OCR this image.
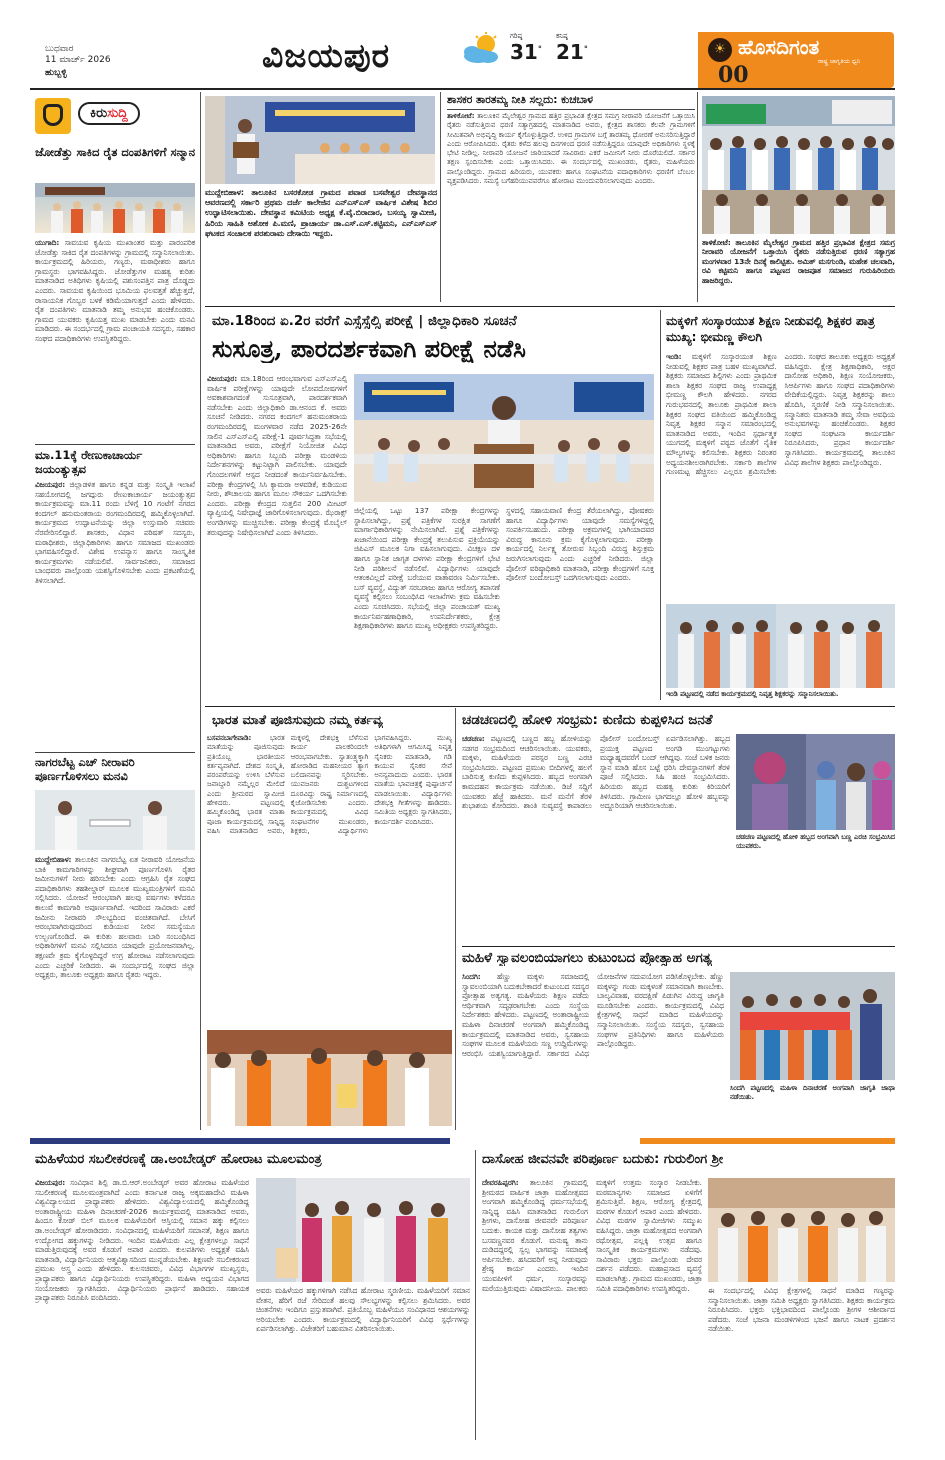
ಬುಧವಾರ
11 ಮಾರ್ಚ್ 2026
ಹುಬ್ಬಳ್ಳಿ	ವಿಜಯಪುರ	ಗರಿಷ್ಠ
31°
ಕನಿಷ್ಠ
21°	☀ ಹೊಸದಿಗಂತ
ರಾಷ್ಟ್ರ ಜಾಗೃತಿಯ ಧ್ವನಿ
00
ಕಿರುಸುದ್ದಿ
ಜೋಡೆತ್ತು ಸಾಕಿದ ರೈತ ದಂಪತಿಗಳಿಗೆ ಸನ್ಮಾನ
ಯುಗಾದಿ: ಸಾವಯವ ಕೃಷಿಯ ಮುಖಾಂತರ ಮತ್ತು ಪಾರಂಪರಿಕ ಜೋಡೆತ್ತು ಸಾಕಿದ ರೈತ ದಂಪತಿಗಳನ್ನು ಗ್ರಾಮದಲ್ಲಿ ಸನ್ಮಾನಿಸಲಾಯಿತು. ಕಾರ್ಯಕ್ರಮದಲ್ಲಿ ಹಿರಿಯರು, ಗಣ್ಯರು, ಮಠಾಧೀಶರು ಹಾಗೂ ಗ್ರಾಮಸ್ಥರು ಭಾಗವಹಿಸಿದ್ದರು. ಜೋಡೆತ್ತುಗಳ ಮಹತ್ವ ಕುರಿತು ಮಾತನಾಡಿದ ಅತಿಥಿಗಳು ಕೃಷಿಯಲ್ಲಿ ಪಶುಸಂಪತ್ತಿನ ಪಾತ್ರ ದೊಡ್ಡದು ಎಂದರು. ಸಾವಯವ ಕೃಷಿಯಿಂದ ಭೂಮಿಯ ಫಲವತ್ತತೆ ಹೆಚ್ಚುತ್ತದೆ, ರಾಸಾಯನಿಕ ಗೊಬ್ಬರ ಬಳಕೆ ಕಡಿಮೆಯಾಗುತ್ತದೆ ಎಂದು ಹೇಳಿದರು. ರೈತ ದಂಪತಿಗಳು ಮಾತನಾಡಿ ತಮ್ಮ ಅನುಭವ ಹಂಚಿಕೊಂಡರು. ಗ್ರಾಮದ ಯುವಕರು ಕೃಷಿಯತ್ತ ಮುಖ ಮಾಡಬೇಕು ಎಂದು ಮನವಿ ಮಾಡಿದರು. ಈ ಸಂದರ್ಭದಲ್ಲಿ ಗ್ರಾಮ ಪಂಚಾಯತಿ ಸದಸ್ಯರು, ಸಹಕಾರ ಸಂಘದ ಪದಾಧಿಕಾರಿಗಳು ಉಪಸ್ಥಿತರಿದ್ದರು.
ಮಾ.11ಕ್ಕೆ ರೇಣುಕಾಚಾರ್ಯ ಜಯಂತ್ಯುತ್ಸವ
ವಿಜಯಪುರ: ಜಿಲ್ಲಾಡಳಿತ ಹಾಗೂ ಕನ್ನಡ ಮತ್ತು ಸಂಸ್ಕೃತಿ ಇಲಾಖೆ ಸಹಯೋಗದಲ್ಲಿ ಜಗದ್ಗುರು ರೇಣುಕಾಚಾರ್ಯ ಜಯಂತ್ಯುತ್ಸವ ಕಾರ್ಯಕ್ರಮವನ್ನು ಮಾ.11 ರಂದು ಬೆಳಿಗ್ಗೆ 10 ಗಂಟೆಗೆ ನಗರದ ಕಂದಗಲ್ ಹನುಮಂತರಾಯ ರಂಗಮಂದಿರದಲ್ಲಿ ಹಮ್ಮಿಕೊಳ್ಳಲಾಗಿದೆ. ಕಾರ್ಯಕ್ರಮದ ಉದ್ಘಾಟನೆಯನ್ನು ಜಿಲ್ಲಾ ಉಸ್ತುವಾರಿ ಸಚಿವರು ನೆರವೇರಿಸಲಿದ್ದಾರೆ. ಶಾಸಕರು, ವಿಧಾನ ಪರಿಷತ್ ಸದಸ್ಯರು, ಮಠಾಧೀಶರು, ಜಿಲ್ಲಾಧಿಕಾರಿಗಳು ಹಾಗೂ ಸಮಾಜದ ಮುಖಂಡರು ಭಾಗವಹಿಸಲಿದ್ದಾರೆ. ವಿಶೇಷ ಉಪನ್ಯಾಸ ಹಾಗೂ ಸಾಂಸ್ಕೃತಿಕ ಕಾರ್ಯಕ್ರಮಗಳು ನಡೆಯಲಿವೆ. ಸಾರ್ವಜನಿಕರು, ಸಮಾಜದ ಬಾಂಧವರು ಪಾಲ್ಗೊಂಡು ಯಶಸ್ವಿಗೊಳಿಸಬೇಕು ಎಂದು ಪ್ರಕಟಣೆಯಲ್ಲಿ ತಿಳಿಸಲಾಗಿದೆ.
ನಾಗರಬೆಟ್ಟ ಎಚ್ ನೀರಾವರಿ ಪೂರ್ಣಗೊಳಿಸಲು ಮನವಿ
ಮುದ್ದೇಬಿಹಾಳ: ತಾಲೂಕಿನ ನಾಗರಬೆಟ್ಟ ಏತ ನೀರಾವರಿ ಯೋಜನೆಯ ಬಾಕಿ ಕಾಮಗಾರಿಗಳನ್ನು ಶೀಘ್ರವಾಗಿ ಪೂರ್ಣಗೊಳಿಸಿ ರೈತರ ಜಮೀನುಗಳಿಗೆ ನೀರು ಹರಿಸಬೇಕು ಎಂದು ಆಗ್ರಹಿಸಿ ರೈತ ಸಂಘದ ಪದಾಧಿಕಾರಿಗಳು ತಹಶೀಲ್ದಾರ್ ಮೂಲಕ ಮುಖ್ಯಮಂತ್ರಿಗಳಿಗೆ ಮನವಿ ಸಲ್ಲಿಸಿದರು. ಯೋಜನೆ ಆರಂಭವಾಗಿ ಹಲವು ವರ್ಷಗಳು ಕಳೆದರೂ ಕಾಲುವೆ ಕಾಮಗಾರಿ ಅಪೂರ್ಣವಾಗಿದೆ. ಇದರಿಂದ ಸಾವಿರಾರು ಎಕರೆ ಜಮೀನು ನೀರಾವರಿ ಸೌಲಭ್ಯದಿಂದ ವಂಚಿತವಾಗಿದೆ. ಬೇಸಿಗೆ ಆರಂಭವಾಗಿರುವುದರಿಂದ ಕುಡಿಯುವ ನೀರಿನ ಸಮಸ್ಯೆಯೂ ಉಲ್ಬಣಗೊಂಡಿದೆ. ಈ ಕುರಿತು ಹಲವಾರು ಬಾರಿ ಸಂಬಂಧಿಸಿದ ಅಧಿಕಾರಿಗಳಿಗೆ ಮನವಿ ಸಲ್ಲಿಸಿದರೂ ಯಾವುದೇ ಪ್ರಯೋಜನವಾಗಿಲ್ಲ. ತಕ್ಷಣವೇ ಕ್ರಮ ಕೈಗೊಳ್ಳದಿದ್ದರೆ ಉಗ್ರ ಹೋರಾಟ ನಡೆಸಲಾಗುವುದು ಎಂದು ಎಚ್ಚರಿಕೆ ನೀಡಿದರು. ಈ ಸಂದರ್ಭದಲ್ಲಿ ಸಂಘದ ಜಿಲ್ಲಾ ಅಧ್ಯಕ್ಷರು, ತಾಲೂಕು ಅಧ್ಯಕ್ಷರು ಹಾಗೂ ರೈತರು ಇದ್ದರು.
ಮುದ್ದೇಬಿಹಾಳ: ತಾಲೂಕಿನ ಬಸರಕೋಡ ಗ್ರಾಮದ ಪವಾಡ ಬಸವೇಶ್ವರ ದೇವಸ್ಥಾನದ ಆವರಣದಲ್ಲಿ ಸರ್ಕಾರಿ ಪ್ರಥಮ ದರ್ಜೆ ಕಾಲೇಜಿನ ಎನ್ಎಸ್ಎಸ್ ವಾರ್ಷಿಕ ವಿಶೇಷ ಶಿಬಿರ ಉದ್ಘಾಟಿಸಲಾಯಿತು. ದೇವಸ್ಥಾನ ಕಮಿಟಿಯ ಅಧ್ಯಕ್ಷ ಕೆ.ವೈ.ಬಿರಾದಾರ, ಬಸಯ್ಯ ಸ್ವಾಮೀಜಿ, ಹಿರಿಯ ಸಾಹಿತಿ ಅಶೋಕ ಪಿ.ಮಣಿ, ಪ್ರಾಚಾರ್ಯ ಡಾ.ಎಸ್.ಎಸ್.ಕಟ್ಟಿಮನಿ, ಎನ್ಎಸ್ಎಸ್ ಘಟಕದ ಸಂಚಾಲಕ ಪರಶುರಾಮ ದೇಸಾಯಿ ಇದ್ದರು.
ಶಾಸಕರ ತಾರತಮ್ಯ ನೀತಿ ಸಲ್ಲದು: ಕುಚಬಾಳ
ತಾಳಿಕೋಟೆ: ತಾಲೂಕಿನ ಮೈಲೇಶ್ವರ ಗ್ರಾಮದ ಹತ್ತಿರ ಪ್ರಭಾವಿತ ಕ್ಷೇತ್ರದ ಸಮಗ್ರ ನೀರಾವರಿ ಯೋಜನೆಗೆ ಒತ್ತಾಯಿಸಿ ರೈತರು ನಡೆಸುತ್ತಿರುವ ಧರಣಿ ಸತ್ಯಾಗ್ರಹದಲ್ಲಿ ಮಾತನಾಡಿದ ಅವರು, ಕ್ಷೇತ್ರದ ಶಾಸಕರು ಕೆಲವೇ ಗ್ರಾಮಗಳಿಗೆ ಸೀಮಿತವಾಗಿ ಅಭಿವೃದ್ಧಿ ಕಾರ್ಯ ಕೈಗೊಳ್ಳುತ್ತಿದ್ದಾರೆ. ಉಳಿದ ಗ್ರಾಮಗಳ ಬಗ್ಗೆ ತಾರತಮ್ಯ ಧೋರಣೆ ಅನುಸರಿಸುತ್ತಿದ್ದಾರೆ ಎಂದು ಆರೋಪಿಸಿದರು. ರೈತರು ಕಳೆದ ಹಲವು ದಿನಗಳಿಂದ ಧರಣಿ ನಡೆಸುತ್ತಿದ್ದರೂ ಯಾವುದೇ ಅಧಿಕಾರಿಗಳು ಸ್ಥಳಕ್ಕೆ ಭೇಟಿ ನೀಡಿಲ್ಲ. ನೀರಾವರಿ ಯೋಜನೆ ಜಾರಿಯಾದರೆ ಸಾವಿರಾರು ಎಕರೆ ಜಮೀನಿಗೆ ನೀರು ದೊರೆಯಲಿದೆ. ಸರ್ಕಾರ ತಕ್ಷಣ ಸ್ಪಂದಿಸಬೇಕು ಎಂದು ಒತ್ತಾಯಿಸಿದರು. ಈ ಸಂದರ್ಭದಲ್ಲಿ ಮುಖಂಡರು, ರೈತರು, ಮಹಿಳೆಯರು ಪಾಲ್ಗೊಂಡಿದ್ದರು. ಗ್ರಾಮದ ಹಿರಿಯರು, ಯುವಕರು ಹಾಗೂ ಸಂಘಟನೆಯ ಪದಾಧಿಕಾರಿಗಳು ಧರಣಿಗೆ ಬೆಂಬಲ ವ್ಯಕ್ತಪಡಿಸಿದರು. ಸಮಸ್ಯೆ ಬಗೆಹರಿಯುವವರೆಗೂ ಹೋರಾಟ ಮುಂದುವರಿಸಲಾಗುವುದು ಎಂದರು.
ತಾಳಿಕೋಟೆ: ತಾಲೂಕಿನ ಮೈಲೇಶ್ವರ ಗ್ರಾಮದ ಹತ್ತಿರ ಪ್ರಭಾವಿತ ಕ್ಷೇತ್ರದ ಸಮಗ್ರ ನೀರಾವರಿ ಯೋಜನೆಗೆ ಒತ್ತಾಯಿಸಿ ರೈತರು ನಡೆಸುತ್ತಿರುವ ಧರಣಿ ಸತ್ಯಾಗ್ರಹ ಮಂಗಳವಾರ 13ನೇ ದಿನಕ್ಕೆ ಕಾಲಿಟ್ಟಿತು. ಅಮಿತ್ ಮಸಗುಂಡಿ, ಮಹೇಶ ಚಲವಾದಿ, ರವಿ ಕಟ್ಟಿಮನಿ ಹಾಗೂ ಪಟ್ಟಣದ ರಾಜಪೂತ ಸಮಾಜದ ಗುರುಹಿರಿಯರು ಹಾಜರಿದ್ದರು.
ಮಾ.18ರಿಂದ ಏ.2ರ ವರೆಗೆ ಎಸ್ಸೆಸ್ಸೆಲ್ಸಿ ಪರೀಕ್ಷೆ | ಜಿಲ್ಲಾಧಿಕಾರಿ ಸೂಚನೆ
ಸುಸೂತ್ರ, ಪಾರದರ್ಶಕವಾಗಿ ಪರೀಕ್ಷೆ ನಡೆಸಿ
ವಿಜಯಪುರ: ಮಾ.18ರಿಂದ ಆರಂಭವಾಗುವ ಎಸ್ಎಸ್ಎಲ್ಸಿ ವಾರ್ಷಿಕ ಪರೀಕ್ಷೆಗಳನ್ನು ಯಾವುದೇ ಲೋಪದೋಷಗಳಿಗೆ ಅವಕಾಶವಾಗದಂತೆ ಸುಸೂತ್ರವಾಗಿ, ಪಾರದರ್ಶಕವಾಗಿ ನಡೆಸಬೇಕು ಎಂದು ಜಿಲ್ಲಾಧಿಕಾರಿ ಡಾ.ಆನಂದ ಕೆ. ಅವರು ಸೂಚನೆ ನೀಡಿದರು. ನಗರದ ಕಂದಗಲ್ ಹನುಮಂತರಾಯ ರಂಗಮಂದಿರದಲ್ಲಿ ಮಂಗಳವಾರ ನಡೆದ 2025-26ನೇ ಸಾಲಿನ ಎಸ್ಎಸ್ಎಲ್ಸಿ ಪರೀಕ್ಷೆ-1 ಪೂರ್ವಸಿದ್ಧತಾ ಸಭೆಯಲ್ಲಿ ಮಾತನಾಡಿದ ಅವರು, ಪರೀಕ್ಷೆಗೆ ನಿಯೋಜಿತ ವಿವಿಧ ಅಧಿಕಾರಿಗಳು ಹಾಗೂ ಸಿಬ್ಬಂದಿ ಪರೀಕ್ಷಾ ಮಂಡಳಿಯ ನಿರ್ದೇಶನಗಳನ್ನು ಕಟ್ಟುನಿಟ್ಟಾಗಿ ಪಾಲಿಸಬೇಕು. ಯಾವುದೇ ಗೊಂದಲಗಳಿಗೆ ಆಸ್ಪದ ನೀಡದಂತೆ ಕಾರ್ಯನಿರ್ವಹಿಸಬೇಕು. ಪರೀಕ್ಷಾ ಕೇಂದ್ರಗಳಲ್ಲಿ ಸಿಸಿ ಕ್ಯಾಮರಾ ಅಳವಡಿಕೆ, ಕುಡಿಯುವ ನೀರು, ಶೌಚಾಲಯ ಹಾಗೂ ಮೂಲ ಸೌಕರ್ಯ ಒದಗಿಸಬೇಕು ಎಂದರು. ಪರೀಕ್ಷಾ ಕೇಂದ್ರದ ಸುತ್ತಲಿನ 200 ಮೀಟರ್ ವ್ಯಾಪ್ತಿಯಲ್ಲಿ ನಿಷೇಧಾಜ್ಞೆ ಜಾರಿಗೊಳಿಸಲಾಗುವುದು. ಝೆರಾಕ್ಸ್ ಅಂಗಡಿಗಳನ್ನು ಮುಚ್ಚಿಸಬೇಕು. ಪರೀಕ್ಷಾ ಕೇಂದ್ರಕ್ಕೆ ಮೊಬೈಲ್ ತರುವುದನ್ನು ನಿಷೇಧಿಸಲಾಗಿದೆ ಎಂದು ತಿಳಿಸಿದರು.
ಜಿಲ್ಲೆಯಲ್ಲಿ ಒಟ್ಟು 137 ಪರೀಕ್ಷಾ ಕೇಂದ್ರಗಳನ್ನು ಸ್ಥಾಪಿಸಲಾಗಿದ್ದು, ಪ್ರಶ್ನೆ ಪತ್ರಿಕೆಗಳ ಸುರಕ್ಷಿತ ಸಾಗಣೆಗೆ ಮಾರ್ಗಾಧಿಕಾರಿಗಳನ್ನು ನೇಮಿಸಲಾಗಿದೆ. ಪ್ರಶ್ನೆ ಪತ್ರಿಕೆಗಳನ್ನು ಖಜಾನೆಯಿಂದ ಪರೀಕ್ಷಾ ಕೇಂದ್ರಕ್ಕೆ ತಲುಪಿಸುವ ಪ್ರಕ್ರಿಯೆಯನ್ನು ಜಿಪಿಎಸ್ ಮೂಲಕ ನಿಗಾ ವಹಿಸಲಾಗುವುದು. ವಿಚಕ್ಷಣ ದಳ ಹಾಗೂ ಸ್ಥಾನಿಕ ಜಾಗೃತ ದಳಗಳು ಪರೀಕ್ಷಾ ಕೇಂದ್ರಗಳಿಗೆ ಭೇಟಿ ನೀಡಿ ಪರಿಶೀಲನೆ ನಡೆಸಲಿವೆ. ವಿದ್ಯಾರ್ಥಿಗಳು ಯಾವುದೇ ಆತಂಕವಿಲ್ಲದೆ ಪರೀಕ್ಷೆ ಬರೆಯುವ ವಾತಾವರಣ ನಿರ್ಮಿಸಬೇಕು. ಬಸ್ ವ್ಯವಸ್ಥೆ, ವಿದ್ಯುತ್ ಸರಬರಾಜು ಹಾಗೂ ಆರೋಗ್ಯ ತಪಾಸಣೆ ವ್ಯವಸ್ಥೆ ಕಲ್ಪಿಸಲು ಸಂಬಂಧಿಸಿದ ಇಲಾಖೆಗಳು ಕ್ರಮ ವಹಿಸಬೇಕು ಎಂದು ಸೂಚಿಸಿದರು. ಸಭೆಯಲ್ಲಿ ಜಿಲ್ಲಾ ಪಂಚಾಯತ್ ಮುಖ್ಯ ಕಾರ್ಯನಿರ್ವಹಣಾಧಿಕಾರಿ, ಉಪನಿರ್ದೇಶಕರು, ಕ್ಷೇತ್ರ ಶಿಕ್ಷಣಾಧಿಕಾರಿಗಳು ಹಾಗೂ ಮುಖ್ಯ ಅಧೀಕ್ಷಕರು ಉಪಸ್ಥಿತರಿದ್ದರು.
ಸ್ಥಳದಲ್ಲಿ ಸಹಾಯವಾಣಿ ಕೇಂದ್ರ ತೆರೆಯಲಾಗಿದ್ದು, ಪೋಷಕರು ಹಾಗೂ ವಿದ್ಯಾರ್ಥಿಗಳು ಯಾವುದೇ ಸಮಸ್ಯೆಗಳಿದ್ದಲ್ಲಿ ಸಂಪರ್ಕಿಸಬಹುದು. ಪರೀಕ್ಷಾ ಅಕ್ರಮಗಳಲ್ಲಿ ಭಾಗಿಯಾದವರ ವಿರುದ್ಧ ಕಾನೂನು ಕ್ರಮ ಕೈಗೊಳ್ಳಲಾಗುವುದು. ಪರೀಕ್ಷಾ ಕಾರ್ಯದಲ್ಲಿ ನಿರ್ಲಕ್ಷ್ಯ ತೋರುವ ಸಿಬ್ಬಂದಿ ವಿರುದ್ಧ ಶಿಸ್ತುಕ್ರಮ ಜರುಗಿಸಲಾಗುವುದು ಎಂದು ಎಚ್ಚರಿಕೆ ನೀಡಿದರು. ಜಿಲ್ಲಾ ಪೊಲೀಸ್ ವರಿಷ್ಠಾಧಿಕಾರಿ ಮಾತನಾಡಿ, ಪರೀಕ್ಷಾ ಕೇಂದ್ರಗಳಿಗೆ ಸೂಕ್ತ ಪೊಲೀಸ್ ಬಂದೋಬಸ್ತ್ ಒದಗಿಸಲಾಗುವುದು ಎಂದರು.
ಮಕ್ಕಳಿಗೆ ಸಂಸ್ಕಾರಯುತ ಶಿಕ್ಷಣ ನೀಡುವಲ್ಲಿ ಶಿಕ್ಷಕರ ಪಾತ್ರ ಮುಖ್ಯ: ಭೀಮಣ್ಣ ಕೌಲಗಿ
ಇಂಡಿ: ಮಕ್ಕಳಿಗೆ ಸಂಸ್ಕಾರಯುತ ಶಿಕ್ಷಣ ನೀಡುವಲ್ಲಿ ಶಿಕ್ಷಕರ ಪಾತ್ರ ಬಹಳ ಮುಖ್ಯವಾಗಿದೆ. ಶಿಕ್ಷಕರು ಸಮಾಜದ ಶಿಲ್ಪಿಗಳು ಎಂದು ಪ್ರಾಥಮಿಕ ಶಾಲಾ ಶಿಕ್ಷಕರ ಸಂಘದ ರಾಜ್ಯ ಉಪಾಧ್ಯಕ್ಷ ಭೀಮಣ್ಣ ಕೌಲಗಿ ಹೇಳಿದರು. ನಗರದ ಗುರುಭವನದಲ್ಲಿ ತಾಲೂಕು ಪ್ರಾಥಮಿಕ ಶಾಲಾ ಶಿಕ್ಷಕರ ಸಂಘದ ವತಿಯಿಂದ ಹಮ್ಮಿಕೊಂಡಿದ್ದ ನಿವೃತ್ತ ಶಿಕ್ಷಕರ ಸನ್ಮಾನ ಸಮಾರಂಭದಲ್ಲಿ ಮಾತನಾಡಿದ ಅವರು, ಇಂದಿನ ಸ್ಪರ್ಧಾತ್ಮಕ ಯುಗದಲ್ಲಿ ಮಕ್ಕಳಿಗೆ ಪಠ್ಯದ ಜೊತೆಗೆ ನೈತಿಕ ಮೌಲ್ಯಗಳನ್ನು ಕಲಿಸಬೇಕು. ಶಿಕ್ಷಕರು ನಿರಂತರ ಅಧ್ಯಯನಶೀಲರಾಗಿರಬೇಕು. ಸರ್ಕಾರಿ ಶಾಲೆಗಳ ಗುಣಮಟ್ಟ ಹೆಚ್ಚಿಸಲು ಎಲ್ಲರೂ ಶ್ರಮಿಸಬೇಕು ಎಂದರು. ಸಂಘದ ತಾಲೂಕು ಅಧ್ಯಕ್ಷರು ಅಧ್ಯಕ್ಷತೆ ವಹಿಸಿದ್ದರು. ಕ್ಷೇತ್ರ ಶಿಕ್ಷಣಾಧಿಕಾರಿ, ಅಕ್ಷರ ದಾಸೋಹ ಅಧಿಕಾರಿ, ಶಿಕ್ಷಣ ಸಂಯೋಜಕರು, ಸಿಆರ್ಪಿಗಳು ಹಾಗೂ ಸಂಘದ ಪದಾಧಿಕಾರಿಗಳು ವೇದಿಕೆಯಲ್ಲಿದ್ದರು. ನಿವೃತ್ತ ಶಿಕ್ಷಕರನ್ನು ಶಾಲು ಹೊದಿಸಿ, ಸ್ಮರಣಿಕೆ ನೀಡಿ ಸನ್ಮಾನಿಸಲಾಯಿತು. ಸನ್ಮಾನಿತರು ಮಾತನಾಡಿ ತಮ್ಮ ಸೇವಾ ಅವಧಿಯ ಅನುಭವಗಳನ್ನು ಹಂಚಿಕೊಂಡರು. ಶಿಕ್ಷಕರ ಸಂಘದ ಸಂಘಟನಾ ಕಾರ್ಯದರ್ಶಿ ನಿರೂಪಿಸಿದರು, ಪ್ರಧಾನ ಕಾರ್ಯದರ್ಶಿ ಸ್ವಾಗತಿಸಿದರು. ಕಾರ್ಯಕ್ರಮದಲ್ಲಿ ತಾಲೂಕಿನ ವಿವಿಧ ಶಾಲೆಗಳ ಶಿಕ್ಷಕರು ಪಾಲ್ಗೊಂಡಿದ್ದರು.
ಇಂಡಿ ಪಟ್ಟಣದಲ್ಲಿ ನಡೆದ ಕಾರ್ಯಕ್ರಮದಲ್ಲಿ ನಿವೃತ್ತ ಶಿಕ್ಷಕರನ್ನು ಸನ್ಮಾನಿಸಲಾಯಿತು.
ಭಾರತ ಮಾತೆ ಪೂಜಿಸುವುದು ನಮ್ಮ ಕರ್ತವ್ಯ
ಬಸವನಬಾಗೇವಾಡಿ:	ಭಾರತ ಮಾತೆಯನ್ನು ಪೂಜಿಸುವುದು ಪ್ರತಿಯೊಬ್ಬ ಭಾರತೀಯನ ಕರ್ತವ್ಯವಾಗಿದೆ. ದೇಶದ ಸಂಸ್ಕೃತಿ, ಪರಂಪರೆಯನ್ನು ಉಳಿಸಿ ಬೆಳೆಸುವ ಜವಾಬ್ದಾರಿ ನಮ್ಮೆಲ್ಲರ ಮೇಲಿದೆ ಎಂದು ಶ್ರೀಮಠದ ಸ್ವಾಮೀಜಿ ಹೇಳಿದರು. ಪಟ್ಟಣದಲ್ಲಿ ಹಮ್ಮಿಕೊಂಡಿದ್ದ ಭಾರತ ಮಾತಾ ಪೂಜಾ ಕಾರ್ಯಕ್ರಮದಲ್ಲಿ ಸಾನ್ನಿಧ್ಯ ವಹಿಸಿ ಮಾತನಾಡಿದ ಅವರು, ಮಕ್ಕಳಲ್ಲಿ ದೇಶಭಕ್ತಿ ಬೆಳೆಸುವ ಕಾರ್ಯ ಪಾಲಕರಿಂದಲೇ ಆರಂಭವಾಗಬೇಕು. ಸ್ವಾತಂತ್ರ್ಯಕ್ಕಾಗಿ ಹೋರಾಡಿದ ಮಹನೀಯರ ತ್ಯಾಗ ಬಲಿದಾನವನ್ನು ಸ್ಮರಿಸಬೇಕು. ಯುವಜನರು ದುಶ್ಚಟಗಳಿಂದ ದೂರವಿದ್ದು ರಾಷ್ಟ್ರ ನಿರ್ಮಾಣದಲ್ಲಿ ಕೈಜೋಡಿಸಬೇಕು ಎಂದರು. ಕಾರ್ಯಕ್ರಮದಲ್ಲಿ ವಿವಿಧ ಸಂಘಟನೆಗಳ ಮುಖಂಡರು, ಶಿಕ್ಷಕರು, ವಿದ್ಯಾರ್ಥಿಗಳು ಭಾಗವಹಿಸಿದ್ದರು. ಮುಖ್ಯ ಅತಿಥಿಗಳಾಗಿ ಆಗಮಿಸಿದ್ದ ನಿವೃತ್ತ ಸೈನಿಕರು ಮಾತನಾಡಿ, ಗಡಿ ಕಾಯುವ ಸೈನಿಕರ ಸೇವೆ ಅನನ್ಯವಾದುದು ಎಂದರು. ಭಾರತ ಮಾತೆಯ ಭಾವಚಿತ್ರಕ್ಕೆ ಪುಷ್ಪಾರ್ಚನೆ ಮಾಡಲಾಯಿತು. ವಿದ್ಯಾರ್ಥಿಗಳು ದೇಶಭಕ್ತಿ ಗೀತೆಗಳನ್ನು ಹಾಡಿದರು. ಸಮಿತಿಯ ಅಧ್ಯಕ್ಷರು ಸ್ವಾಗತಿಸಿದರು, ಕಾರ್ಯದರ್ಶಿ ವಂದಿಸಿದರು.
ಚಡಚಣದಲ್ಲಿ ಹೋಳಿ ಸಂಭ್ರಮ: ಕುಣಿದು ಕುಪ್ಪಳಿಸಿದ ಜನತೆ
ಚಡಚಣ: ಪಟ್ಟಣದಲ್ಲಿ ಬಣ್ಣದ ಹಬ್ಬ ಹೋಳಿಯನ್ನು ಸಡಗರ ಸಂಭ್ರಮದಿಂದ ಆಚರಿಸಲಾಯಿತು. ಯುವಕರು, ಮಕ್ಕಳು, ಮಹಿಳೆಯರು ಪರಸ್ಪರ ಬಣ್ಣ ಎರಚಿ ಸಂಭ್ರಮಿಸಿದರು. ಪಟ್ಟಣದ ಪ್ರಮುಖ ಬೀದಿಗಳಲ್ಲಿ ಹಲಗೆ ಬಾರಿಸುತ್ತ ಕುಣಿದು ಕುಪ್ಪಳಿಸಿದರು. ಹಬ್ಬದ ಅಂಗವಾಗಿ ಕಾಮದಹನ ಕಾರ್ಯಕ್ರಮ ನಡೆಯಿತು. ಡಿಜೆ ಸದ್ದಿಗೆ ಯುವಕರು ಹೆಜ್ಜೆ ಹಾಕಿದರು. ಮನೆ ಮನೆಗೆ ತೆರಳಿ ಶುಭಾಶಯ ಕೋರಿದರು. ಶಾಂತಿ ಸುವ್ಯವಸ್ಥೆ ಕಾಪಾಡಲು ಪೊಲೀಸ್ ಬಂದೋಬಸ್ತ್ ಏರ್ಪಡಿಸಲಾಗಿತ್ತು. ಹಬ್ಬದ ಪ್ರಯುಕ್ತ ಪಟ್ಟಣದ ಅಂಗಡಿ ಮುಂಗಟ್ಟುಗಳು ಮಧ್ಯಾಹ್ನದವರೆಗೆ ಬಂದ್ ಆಗಿದ್ದವು. ಸಂಜೆ ಬಳಿಕ ಜನರು ಸ್ನಾನ ಮಾಡಿ ಹೊಸ ಬಟ್ಟೆ ಧರಿಸಿ ದೇವಸ್ಥಾನಗಳಿಗೆ ತೆರಳಿ ಪೂಜೆ ಸಲ್ಲಿಸಿದರು. ಸಿಹಿ ಹಂಚಿ ಸಂಭ್ರಮಿಸಿದರು. ಹಿರಿಯರು ಹಬ್ಬದ ಮಹತ್ವ ಕುರಿತು ಕಿರಿಯರಿಗೆ ತಿಳಿಸಿದರು. ಗ್ರಾಮೀಣ ಭಾಗದಲ್ಲೂ ಹೋಳಿ ಹಬ್ಬವನ್ನು ಅದ್ದೂರಿಯಾಗಿ ಆಚರಿಸಲಾಯಿತು.
ಚಡಚಣ ಪಟ್ಟಣದಲ್ಲಿ ಹೋಳಿ ಹಬ್ಬದ ಅಂಗವಾಗಿ ಬಣ್ಣ ಎರಚಿ ಸಂಭ್ರಮಿಸಿದ ಯುವಕರು.
ಮಹಿಳೆ ಸ್ವಾವಲಂಬಿಯಾಗಲು ಕುಟುಂಬದ ಪ್ರೋತ್ಸಾಹ ಅಗತ್ಯ
ಸಿಂದಗಿ: ಹೆಣ್ಣು ಮಕ್ಕಳು ಸಮಾಜದಲ್ಲಿ ಸ್ವಾವಲಂಬಿಯಾಗಿ ಬದುಕಬೇಕಾದರೆ ಕುಟುಂಬದ ಸದಸ್ಯರ ಪ್ರೋತ್ಸಾಹ ಅತ್ಯಗತ್ಯ. ಮಹಿಳೆಯರು ಶಿಕ್ಷಣ ಪಡೆದು ಆರ್ಥಿಕವಾಗಿ ಸದೃಢರಾಗಬೇಕು ಎಂದು ಸಂಸ್ಥೆಯ ನಿರ್ದೇಶಕರು ಹೇಳಿದರು. ಪಟ್ಟಣದಲ್ಲಿ ಅಂತಾರಾಷ್ಟ್ರೀಯ ಮಹಿಳಾ ದಿನಾಚರಣೆ ಅಂಗವಾಗಿ ಹಮ್ಮಿಕೊಂಡಿದ್ದ ಕಾರ್ಯಕ್ರಮದಲ್ಲಿ ಮಾತನಾಡಿದ ಅವರು, ಸ್ವಸಹಾಯ ಸಂಘಗಳ ಮೂಲಕ ಮಹಿಳೆಯರು ಸಣ್ಣ ಉದ್ದಿಮೆಗಳನ್ನು ಆರಂಭಿಸಿ ಯಶಸ್ವಿಯಾಗುತ್ತಿದ್ದಾರೆ. ಸರ್ಕಾರದ ವಿವಿಧ ಯೋಜನೆಗಳ ಸದುಪಯೋಗ ಪಡಿಸಿಕೊಳ್ಳಬೇಕು. ಹೆಣ್ಣು ಮಕ್ಕಳನ್ನು ಗಂಡು ಮಕ್ಕಳಂತೆ ಸಮಾನವಾಗಿ ಕಾಣಬೇಕು. ಬಾಲ್ಯವಿವಾಹ, ವರದಕ್ಷಿಣೆ ಪಿಡುಗಿನ ವಿರುದ್ಧ ಜಾಗೃತಿ ಮೂಡಿಸಬೇಕು ಎಂದರು. ಕಾರ್ಯಕ್ರಮದಲ್ಲಿ ವಿವಿಧ ಕ್ಷೇತ್ರಗಳಲ್ಲಿ ಸಾಧನೆ ಮಾಡಿದ ಮಹಿಳೆಯರನ್ನು ಸನ್ಮಾನಿಸಲಾಯಿತು. ಸಂಸ್ಥೆಯ ಸದಸ್ಯರು, ಸ್ವಸಹಾಯ ಸಂಘಗಳ ಪ್ರತಿನಿಧಿಗಳು ಹಾಗೂ ಮಹಿಳೆಯರು ಪಾಲ್ಗೊಂಡಿದ್ದರು.
ಸಿಂದಗಿ ಪಟ್ಟಣದಲ್ಲಿ ಮಹಿಳಾ ದಿನಾಚರಣೆ ಅಂಗವಾಗಿ ಜಾಗೃತಿ ಜಾಥಾ ನಡೆಯಿತು.
ಮಹಿಳೆಯರ ಸಬಲೀಕರಣಕ್ಕೆ ಡಾ.ಅಂಬೇಡ್ಕರ್ ಹೋರಾಟ ಮೂಲಮಂತ್ರ
ವಿಜಯಪುರ: ಸಂವಿಧಾನ ಶಿಲ್ಪಿ ಡಾ.ಬಿ.ಆರ್.ಅಂಬೇಡ್ಕರ್ ಅವರ ಹೋರಾಟ ಮಹಿಳೆಯರ ಸಬಲೀಕರಣಕ್ಕೆ ಮೂಲಮಂತ್ರವಾಗಿದೆ ಎಂದು ಕರ್ನಾಟಕ ರಾಜ್ಯ ಅಕ್ಕಮಹಾದೇವಿ ಮಹಿಳಾ ವಿಶ್ವವಿದ್ಯಾಲಯದ ಪ್ರಾಧ್ಯಾಪಕರು ಹೇಳಿದರು. ವಿಶ್ವವಿದ್ಯಾಲಯದಲ್ಲಿ ಹಮ್ಮಿಕೊಂಡಿದ್ದ ಅಂತಾರಾಷ್ಟ್ರೀಯ ಮಹಿಳಾ ದಿನಾಚರಣೆ-2026 ಕಾರ್ಯಕ್ರಮದಲ್ಲಿ ಮಾತನಾಡಿದ ಅವರು, ಹಿಂದೂ ಕೋಡ್ ಬಿಲ್ ಮೂಲಕ ಮಹಿಳೆಯರಿಗೆ ಆಸ್ತಿಯಲ್ಲಿ ಸಮಾನ ಹಕ್ಕು ಕಲ್ಪಿಸಲು ಡಾ.ಅಂಬೇಡ್ಕರ್ ಹೋರಾಡಿದರು. ಸಂವಿಧಾನದಲ್ಲಿ ಮಹಿಳೆಯರಿಗೆ ಸಮಾನತೆ, ಶಿಕ್ಷಣ ಹಾಗೂ ಉದ್ಯೋಗದ ಹಕ್ಕುಗಳನ್ನು ನೀಡಿದರು. ಇಂದಿನ ಮಹಿಳೆಯರು ಎಲ್ಲ ಕ್ಷೇತ್ರಗಳಲ್ಲೂ ಸಾಧನೆ ಮಾಡುತ್ತಿರುವುದಕ್ಕೆ ಅವರ ಕೊಡುಗೆ ಅಪಾರ ಎಂದರು. ಕುಲಪತಿಗಳು ಅಧ್ಯಕ್ಷತೆ ವಹಿಸಿ ಮಾತನಾಡಿ, ವಿದ್ಯಾರ್ಥಿನಿಯರು ಆತ್ಮವಿಶ್ವಾಸದಿಂದ ಮುನ್ನಡೆಯಬೇಕು. ಶಿಕ್ಷಣವೇ ಸಬಲೀಕರಣದ ಪ್ರಮುಖ ಅಸ್ತ್ರ ಎಂದು ಹೇಳಿದರು. ಕುಲಸಚಿವರು, ವಿವಿಧ ವಿಭಾಗಗಳ ಮುಖ್ಯಸ್ಥರು, ಪ್ರಾಧ್ಯಾಪಕರು ಹಾಗೂ ವಿದ್ಯಾರ್ಥಿನಿಯರು ಉಪಸ್ಥಿತರಿದ್ದರು. ಮಹಿಳಾ ಅಧ್ಯಯನ ವಿಭಾಗದ ಸಂಯೋಜಕರು ಸ್ವಾಗತಿಸಿದರು. ವಿದ್ಯಾರ್ಥಿನಿಯರು ಪ್ರಾರ್ಥನೆ ಹಾಡಿದರು. ಸಹಾಯಕ ಪ್ರಾಧ್ಯಾಪಕರು ನಿರೂಪಿಸಿ ವಂದಿಸಿದರು.
ಅವರು ಮಹಿಳೆಯರ ಹಕ್ಕುಗಳಿಗಾಗಿ ನಡೆಸಿದ ಹೋರಾಟ ಸ್ಮರಣೀಯ. ಮಹಿಳೆಯರಿಗೆ ಸಮಾನ ವೇತನ, ಹೆರಿಗೆ ರಜೆ ಸೇರಿದಂತೆ ಹಲವು ಸೌಲಭ್ಯಗಳನ್ನು ಕಲ್ಪಿಸಲು ಶ್ರಮಿಸಿದರು. ಅವರ ಚಿಂತನೆಗಳು ಇಂದಿಗೂ ಪ್ರಸ್ತುತವಾಗಿವೆ. ಪ್ರತಿಯೊಬ್ಬ ಮಹಿಳೆಯೂ ಸಂವಿಧಾನದ ಆಶಯಗಳನ್ನು ಅರಿಯಬೇಕು ಎಂದರು. ಕಾರ್ಯಕ್ರಮದಲ್ಲಿ ವಿದ್ಯಾರ್ಥಿನಿಯರಿಗೆ ವಿವಿಧ ಸ್ಪರ್ಧೆಗಳನ್ನು ಏರ್ಪಡಿಸಲಾಗಿತ್ತು. ವಿಜೇತರಿಗೆ ಬಹುಮಾನ ವಿತರಿಸಲಾಯಿತು.
ದಾಸೋಹ ಜೀವನವೇ ಪರಿಪೂರ್ಣ ಬದುಕು: ಗುರುಲಿಂಗ ಶ್ರೀ
ದೇವರಹಿಪ್ಪರಗಿ: ತಾಲೂಕಿನ ಗ್ರಾಮದಲ್ಲಿ ಶ್ರೀಮಠದ ವಾರ್ಷಿಕ ಜಾತ್ರಾ ಮಹೋತ್ಸವದ ಅಂಗವಾಗಿ ಹಮ್ಮಿಕೊಂಡಿದ್ದ ಧರ್ಮಸಭೆಯಲ್ಲಿ ಸಾನ್ನಿಧ್ಯ ವಹಿಸಿ ಮಾತನಾಡಿದ ಗುರುಲಿಂಗ ಶ್ರೀಗಳು, ದಾಸೋಹ ಜೀವನವೇ ಪರಿಪೂರ್ಣ ಬದುಕು. ಕಾಯಕ ಮತ್ತು ದಾಸೋಹ ತತ್ವಗಳು ಬಸವಣ್ಣನವರ ಕೊಡುಗೆ. ಮನುಷ್ಯ ತಾನು ದುಡಿದದ್ದರಲ್ಲಿ ಸ್ವಲ್ಪ ಭಾಗವನ್ನು ಸಮಾಜಕ್ಕೆ ಅರ್ಪಿಸಬೇಕು. ಹಸಿದವರಿಗೆ ಅನ್ನ ನೀಡುವುದು ಶ್ರೇಷ್ಠ ಕಾರ್ಯ ಎಂದರು. ಇಂದಿನ ಯುವಪೀಳಿಗೆ ಧರ್ಮ, ಸಂಸ್ಕಾರವನ್ನು ಮರೆಯುತ್ತಿರುವುದು ವಿಷಾದನೀಯ. ಪಾಲಕರು ಮಕ್ಕಳಿಗೆ ಉತ್ತಮ ಸಂಸ್ಕಾರ ನೀಡಬೇಕು. ಮಠಮಾನ್ಯಗಳು ಸಮಾಜದ ಏಳಿಗೆಗೆ ಶ್ರಮಿಸುತ್ತಿವೆ. ಶಿಕ್ಷಣ, ಆರೋಗ್ಯ ಕ್ಷೇತ್ರದಲ್ಲಿ ಮಠಗಳ ಕೊಡುಗೆ ಅಪಾರ ಎಂದು ಹೇಳಿದರು. ವಿವಿಧ ಮಠಗಳ ಸ್ವಾಮೀಜಿಗಳು ಸಮ್ಮುಖ ವಹಿಸಿದ್ದರು. ಜಾತ್ರಾ ಮಹೋತ್ಸವದ ಅಂಗವಾಗಿ ರಥೋತ್ಸವ, ಪಲ್ಲಕ್ಕಿ ಉತ್ಸವ ಹಾಗೂ ಸಾಂಸ್ಕೃತಿಕ ಕಾರ್ಯಕ್ರಮಗಳು ನಡೆದವು. ಸಾವಿರಾರು ಭಕ್ತರು ಪಾಲ್ಗೊಂಡು ದೇವರ ದರ್ಶನ ಪಡೆದರು. ಮಹಾಪ್ರಸಾದ ವ್ಯವಸ್ಥೆ ಮಾಡಲಾಗಿತ್ತು. ಗ್ರಾಮದ ಮುಖಂಡರು, ಜಾತ್ರಾ ಸಮಿತಿ ಪದಾಧಿಕಾರಿಗಳು ಉಪಸ್ಥಿತರಿದ್ದರು.	ಈ ಸಂದರ್ಭದಲ್ಲಿ ವಿವಿಧ ಕ್ಷೇತ್ರಗಳಲ್ಲಿ ಸಾಧನೆ ಮಾಡಿದ ಗಣ್ಯರನ್ನು ಸನ್ಮಾನಿಸಲಾಯಿತು. ಜಾತ್ರಾ ಸಮಿತಿ ಅಧ್ಯಕ್ಷರು ಸ್ವಾಗತಿಸಿದರು. ಶಿಕ್ಷಕರು ಕಾರ್ಯಕ್ರಮ ನಿರೂಪಿಸಿದರು. ಭಕ್ತರು ಭಕ್ತಿಭಾವದಿಂದ ಪಾಲ್ಗೊಂಡು ಶ್ರೀಗಳ ಆಶೀರ್ವಾದ ಪಡೆದರು. ಸಂಜೆ ಭಜನಾ ಮಂಡಳಿಗಳಿಂದ ಭಜನೆ ಹಾಗೂ ನಾಟಕ ಪ್ರದರ್ಶನ ನಡೆಯಿತು.
